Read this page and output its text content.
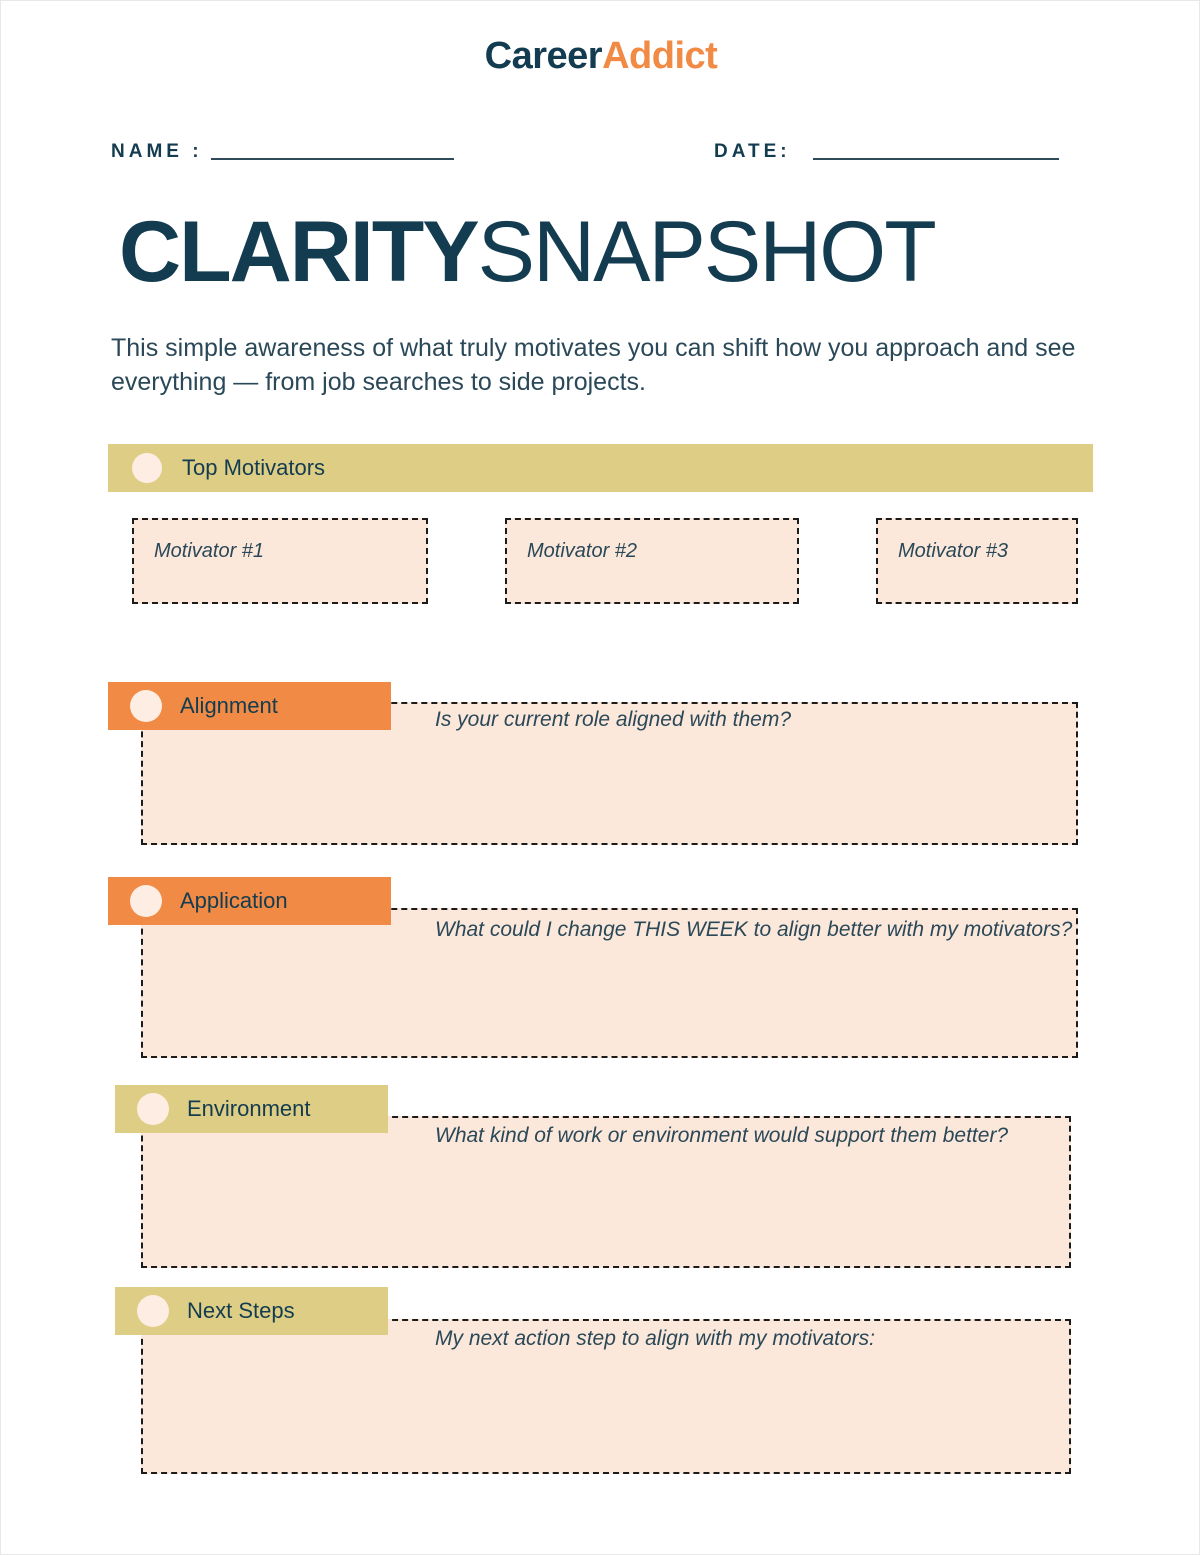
CareerAddict
NAME :	DATE:
CLARITYSNAPSHOT
This simple awareness of what truly motivates you can shift how you approach and see everything — from job searches to side projects.
Top Motivators
Motivator #1	Motivator #2	Motivator #3
Is your current role aligned with them?
Alignment
What could I change THIS WEEK to align better with my motivators?
Application
What kind of work or environment would support them better?
Environment
My next action step to align with my motivators:
Next Steps
